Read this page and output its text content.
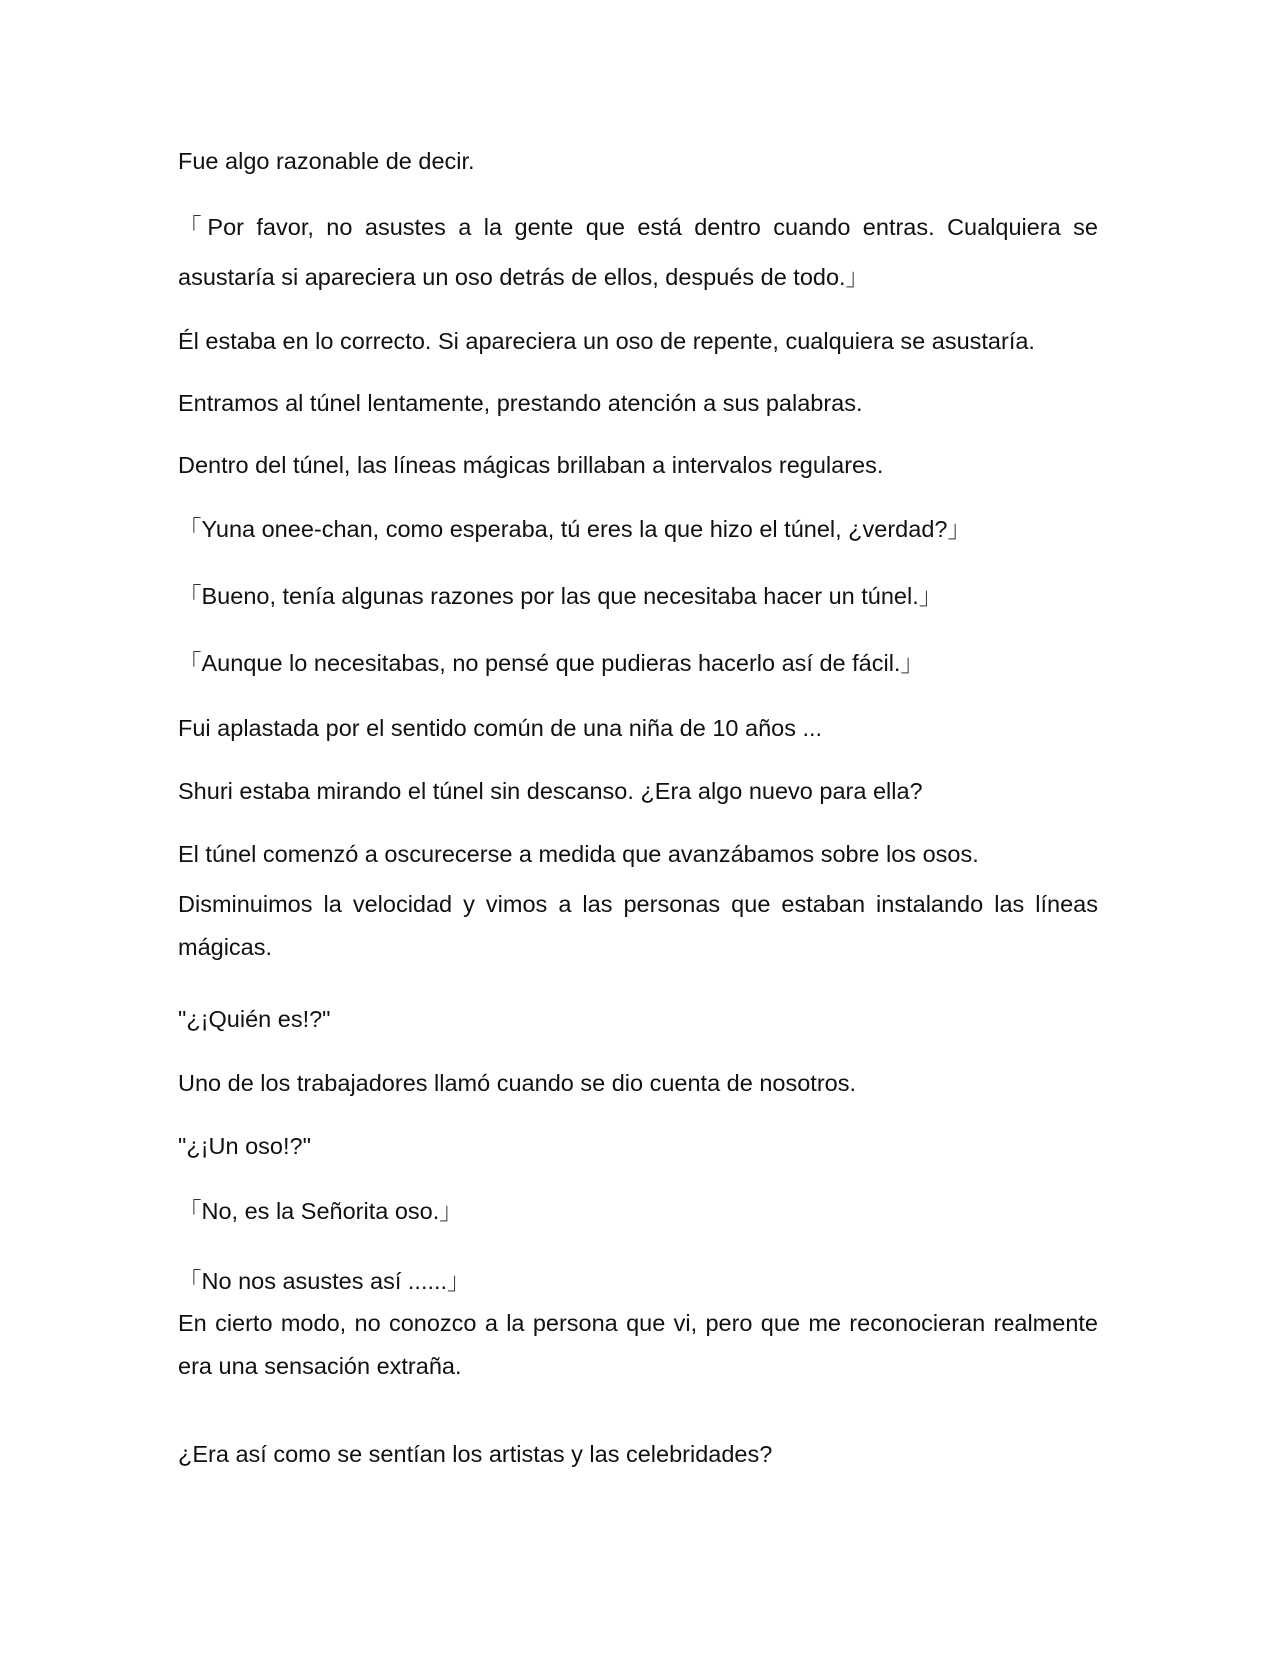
Fue algo razonable de decir.

「Por favor, no asustes a la gente que está dentro cuando entras. Cualquiera se asustaría si apareciera un oso detrás de ellos, después de todo.」

Él estaba en lo correcto. Si apareciera un oso de repente, cualquiera se asustaría.

Entramos al túnel lentamente, prestando atención a sus palabras.

Dentro del túnel, las líneas mágicas brillaban a intervalos regulares.

「Yuna onee-chan, como esperaba, tú eres la que hizo el túnel, ¿verdad?」

「Bueno, tenía algunas razones por las que necesitaba hacer un túnel.」

「Aunque lo necesitabas, no pensé que pudieras hacerlo así de fácil.」

Fui aplastada por el sentido común de una niña de 10 años ...

Shuri estaba mirando el túnel sin descanso. ¿Era algo nuevo para ella?

El túnel comenzó a oscurecerse a medida que avanzábamos sobre los osos.

Disminuimos la velocidad y vimos a las personas que estaban instalando las líneas mágicas.

"¿¡Quién es!?"

Uno de los trabajadores llamó cuando se dio cuenta de nosotros.

"¿¡Un oso!?"

「No, es la Señorita oso.」

「No nos asustes así ......」

En cierto modo, no conozco a la persona que vi, pero que me reconocieran realmente era una sensación extraña.

¿Era así como se sentían los artistas y las celebridades?
